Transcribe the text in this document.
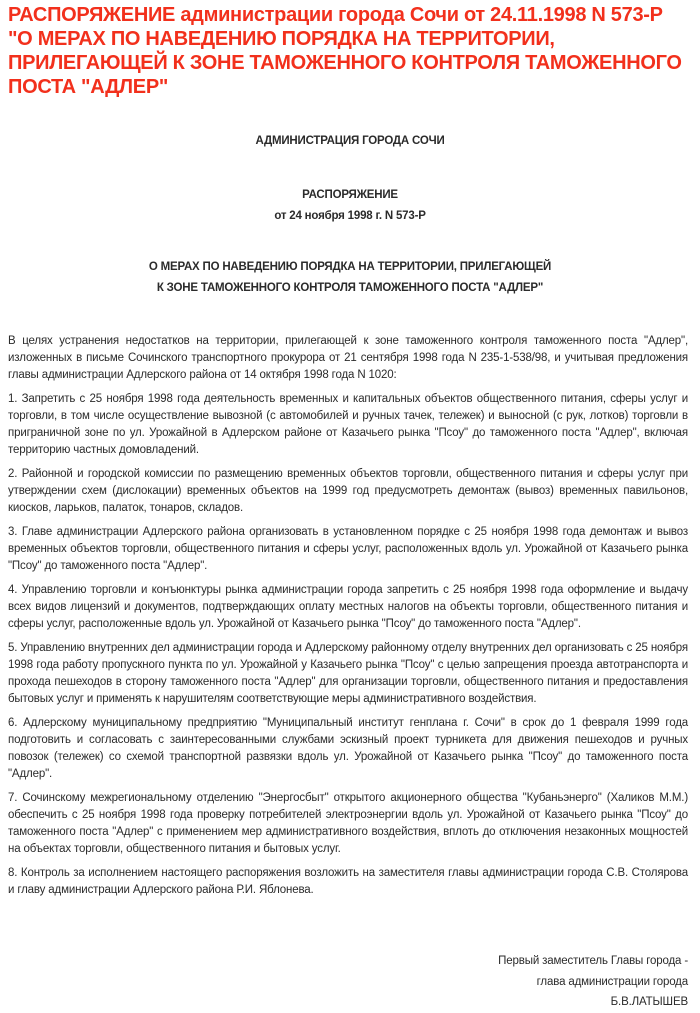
РАСПОРЯЖЕНИЕ администрации города Сочи от 24.11.1998 N 573-Р "О МЕРАХ ПО НАВЕДЕНИЮ ПОРЯДКА НА ТЕРРИТОРИИ, ПРИЛЕГАЮЩЕЙ К ЗОНЕ ТАМОЖЕННОГО КОНТРОЛЯ ТАМОЖЕННОГО ПОСТА "АДЛЕР"
АДМИНИСТРАЦИЯ ГОРОДА СОЧИ
РАСПОРЯЖЕНИЕ
от 24 ноября 1998 г. N 573-Р
О МЕРАХ ПО НАВЕДЕНИЮ ПОРЯДКА НА ТЕРРИТОРИИ, ПРИЛЕГАЮЩЕЙ
К ЗОНЕ ТАМОЖЕННОГО КОНТРОЛЯ ТАМОЖЕННОГО ПОСТА "АДЛЕР"

В целях устранения недостатков на территории, прилегающей к зоне таможенного контроля таможенного поста "Адлер", изложенных в письме Сочинского транспортного прокурора от 21 сентября 1998 года N 235-1-538/98, и учитывая предложения главы администрации Адлерского района от 14 октября 1998 года N 1020:

1. Запретить с 25 ноября 1998 года деятельность временных и капитальных объектов общественного питания, сферы услуг и торговли, в том числе осуществление вывозной (с автомобилей и ручных тачек, тележек) и выносной (с рук, лотков) торговли в приграничной зоне по ул. Урожайной в Адлерском районе от Казачьего рынка "Псоу" до таможенного поста "Адлер", включая территорию частных домовладений.

2. Районной и городской комиссии по размещению временных объектов торговли, общественного питания и сферы услуг при утверждении схем (дислокации) временных объектов на 1999 год предусмотреть демонтаж (вывоз) временных павильонов, киосков, ларьков, палаток, тонаров, складов.

3. Главе администрации Адлерского района организовать в установленном порядке с 25 ноября 1998 года демонтаж и вывоз временных объектов торговли, общественного питания и сферы услуг, расположенных вдоль ул. Урожайной от Казачьего рынка "Псоу" до таможенного поста "Адлер".

4. Управлению торговли и конъюнктуры рынка администрации города запретить с 25 ноября 1998 года оформление и выдачу всех видов лицензий и документов, подтверждающих оплату местных налогов на объекты торговли, общественного питания и сферы услуг, расположенные вдоль ул. Урожайной от Казачьего рынка "Псоу" до таможенного поста "Адлер".

5. Управлению внутренних дел администрации города и Адлерскому районному отделу внутренних дел организовать с 25 ноября 1998 года работу пропускного пункта по ул. Урожайной у Казачьего рынка "Псоу" с целью запрещения проезда автотранспорта и прохода пешеходов в сторону таможенного поста "Адлер" для организации торговли, общественного питания и предоставления бытовых услуг и применять к нарушителям соответствующие меры административного воздействия.

6. Адлерскому муниципальному предприятию "Муниципальный институт генплана г. Сочи" в срок до 1 февраля 1999 года подготовить и согласовать с заинтересованными службами эскизный проект турникета для движения пешеходов и ручных повозок (тележек) со схемой транспортной развязки вдоль ул. Урожайной от Казачьего рынка "Псоу" до таможенного поста "Адлер".

7. Сочинскому межрегиональному отделению "Энергосбыт" открытого акционерного общества "Кубаньэнерго" (Халиков М.М.) обеспечить с 25 ноября 1998 года проверку потребителей электроэнергии вдоль ул. Урожайной от Казачьего рынка "Псоу" до таможенного поста "Адлер" с применением мер административного воздействия, вплоть до отключения незаконных мощностей на объектах торговли, общественного питания и бытовых услуг.

8. Контроль за исполнением настоящего распоряжения возложить на заместителя главы администрации города С.В. Столярова и главу администрации Адлерского района Р.И. Яблонева.

Первый заместитель Главы города -
глава администрации города
Б.В.ЛАТЫШЕВ
